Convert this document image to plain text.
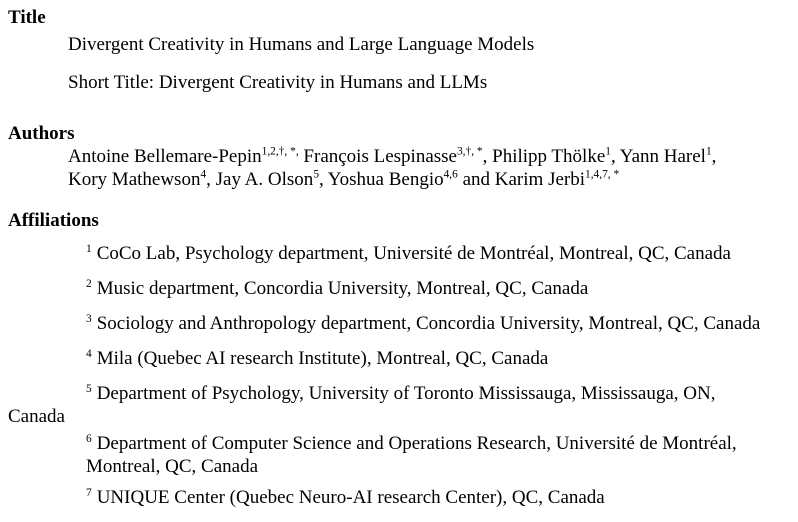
Title
Divergent Creativity in Humans and Large Language Models
Short Title: Divergent Creativity in Humans and LLMs
Authors
Antoine Bellemare-Pepin$^{1,2,\dagger, *,}$ François Lespinasse$^{3,\dagger, *}$, Philipp Thölke$^1$, Yann Harel$^1$,
Kory Mathewson$^4$, Jay A. Olson$^5$, Yoshua Bengio$^{4,6}$ and Karim Jerbi$^{1,4,7, *}$
Affiliations

$^1$ CoCo Lab, Psychology department, Université de Montréal, Montreal, QC, Canada

$^2$ Music department, Concordia University, Montreal, QC, Canada

$^3$ Sociology and Anthropology department, Concordia University, Montreal, QC, Canada

$^4$ Mila (Quebec AI research Institute), Montreal, QC, Canada

$^5$ Department of Psychology, University of Toronto Mississauga, Mississauga, ON,
Canada

$^6$ Department of Computer Science and Operations Research, Université de Montréal,
Montreal, QC, Canada

$^7$ UNIQUE Center (Quebec Neuro-AI research Center), QC, Canada
